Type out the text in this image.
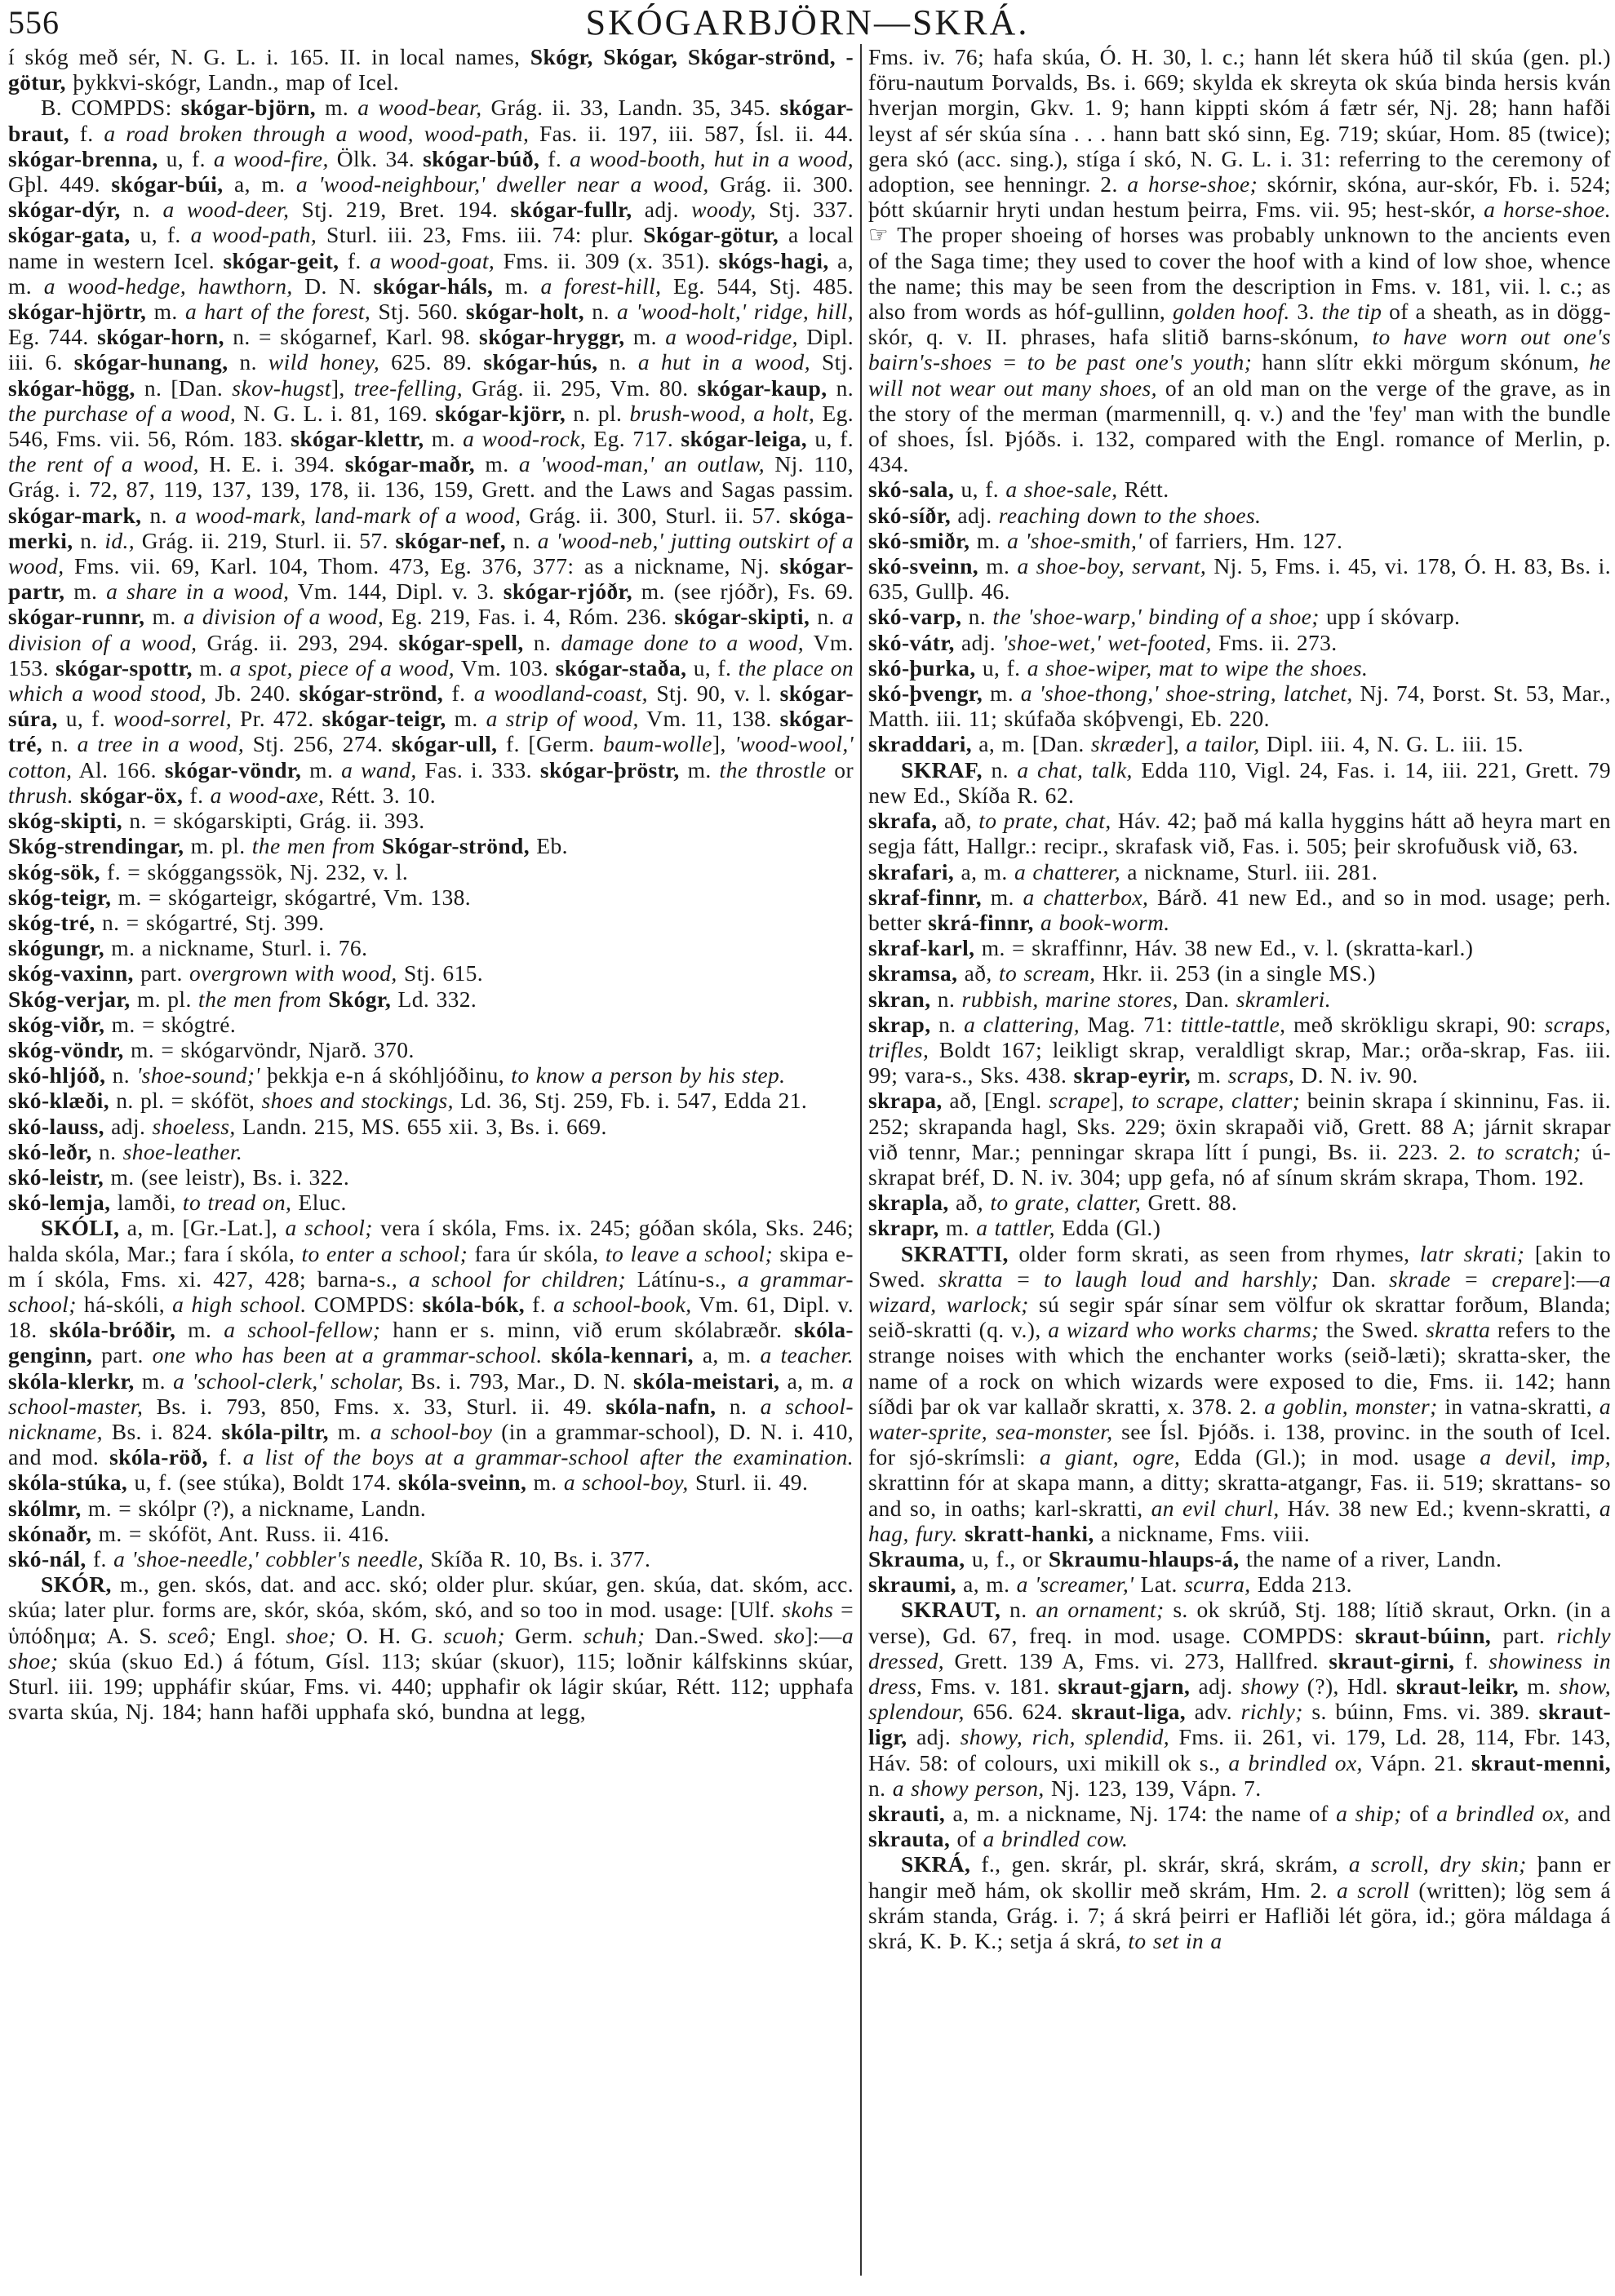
556	SKÓGARBJÖRN—SKRÁ.

í skóg með sér, N. G. L. i. 165. II. in local names, Skógr, Skógar, Skógar-strönd, -götur, þykkvi-skógr, Landn., map of Icel.

B. COMPDS: skógar-björn, m. a wood-bear, Grág. ii. 33, Landn. 35, 345. skógar-braut, f. a road broken through a wood, wood-path, Fas. ii. 197, iii. 587, Ísl. ii. 44. skógar-brenna, u, f. a wood-fire, Ölk. 34. skógar-búð, f. a wood-booth, hut in a wood, Gþl. 449. skógar-búi, a, m. a 'wood-neighbour,' dweller near a wood, Grág. ii. 300. skógar-dýr, n. a wood-deer, Stj. 219, Bret. 194. skógar-fullr, adj. woody, Stj. 337. skógar-gata, u, f. a wood-path, Sturl. iii. 23, Fms. iii. 74: plur. Skógar-götur, a local name in western Icel. skógar-geit, f. a wood-goat, Fms. ii. 309 (x. 351). skógs-hagi, a, m. a wood-hedge, hawthorn, D. N. skógar-háls, m. a forest-hill, Eg. 544, Stj. 485. skógar-hjörtr, m. a hart of the forest, Stj. 560. skógar-holt, n. a 'wood-holt,' ridge, hill, Eg. 744. skógar-horn, n. = skógarnef, Karl. 98. skógar-hryggr, m. a wood-ridge, Dipl. iii. 6. skógar-hunang, n. wild honey, 625. 89. skógar-hús, n. a hut in a wood, Stj. skógar-högg, n. [Dan. skov-hugst], tree-felling, Grág. ii. 295, Vm. 80. skógar-kaup, n. the purchase of a wood, N. G. L. i. 81, 169. skógar-kjörr, n. pl. brush-wood, a holt, Eg. 546, Fms. vii. 56, Róm. 183. skógar-klettr, m. a wood-rock, Eg. 717. skógar-leiga, u, f. the rent of a wood, H. E. i. 394. skógar-maðr, m. a 'wood-man,' an outlaw, Nj. 110, Grág. i. 72, 87, 119, 137, 139, 178, ii. 136, 159, Grett. and the Laws and Sagas passim. skógar-mark, n. a wood-mark, land-mark of a wood, Grág. ii. 300, Sturl. ii. 57. skóga-merki, n. id., Grág. ii. 219, Sturl. ii. 57. skógar-nef, n. a 'wood-neb,' jutting outskirt of a wood, Fms. vii. 69, Karl. 104, Thom. 473, Eg. 376, 377: as a nickname, Nj. skógar-partr, m. a share in a wood, Vm. 144, Dipl. v. 3. skógar-rjóðr, m. (see rjóðr), Fs. 69. skógar-runnr, m. a division of a wood, Eg. 219, Fas. i. 4, Róm. 236. skógar-skipti, n. a division of a wood, Grág. ii. 293, 294. skógar-spell, n. damage done to a wood, Vm. 153. skógar-spottr, m. a spot, piece of a wood, Vm. 103. skógar-staða, u, f. the place on which a wood stood, Jb. 240. skógar-strönd, f. a woodland-coast, Stj. 90, v. l. skógar-súra, u, f. wood-sorrel, Pr. 472. skógar-teigr, m. a strip of wood, Vm. 11, 138. skógar-tré, n. a tree in a wood, Stj. 256, 274. skógar-ull, f. [Germ. baum-wolle], 'wood-wool,' cotton, Al. 166. skógar-vöndr, m. a wand, Fas. i. 333. skógar-þröstr, m. the throstle or thrush. skógar-öx, f. a wood-axe, Rétt. 3. 10.

skóg-skipti, n. = skógarskipti, Grág. ii. 393.

Skóg-strendingar, m. pl. the men from Skógar-strönd, Eb.

skóg-sök, f. = skóggangssök, Nj. 232, v. l.

skóg-teigr, m. = skógarteigr, skógartré, Vm. 138.

skóg-tré, n. = skógartré, Stj. 399.

skógungr, m. a nickname, Sturl. i. 76.

skóg-vaxinn, part. overgrown with wood, Stj. 615.

Skóg-verjar, m. pl. the men from Skógr, Ld. 332.

skóg-viðr, m. = skógtré.

skóg-vöndr, m. = skógarvöndr, Njarð. 370.

skó-hljóð, n. 'shoe-sound;' þekkja e-n á skóhljóðinu, to know a person by his step.

skó-klæði, n. pl. = skóföt, shoes and stockings, Ld. 36, Stj. 259, Fb. i. 547, Edda 21.

skó-lauss, adj. shoeless, Landn. 215, MS. 655 xii. 3, Bs. i. 669.

skó-leðr, n. shoe-leather.

skó-leistr, m. (see leistr), Bs. i. 322.

skó-lemja, lamði, to tread on, Eluc.

SKÓLI, a, m. [Gr.-Lat.], a school; vera í skóla, Fms. ix. 245; góðan skóla, Sks. 246; halda skóla, Mar.; fara í skóla, to enter a school; fara úr skóla, to leave a school; skipa e-m í skóla, Fms. xi. 427, 428; barna-s., a school for children; Látínu-s., a grammar-school; há-skóli, a high school. COMPDS: skóla-bók, f. a school-book, Vm. 61, Dipl. v. 18. skóla-bróðir, m. a school-fellow; hann er s. minn, við erum skólabræðr. skóla-genginn, part. one who has been at a grammar-school. skóla-kennari, a, m. a teacher. skóla-klerkr, m. a 'school-clerk,' scholar, Bs. i. 793, Mar., D. N. skóla-meistari, a, m. a school-master, Bs. i. 793, 850, Fms. x. 33, Sturl. ii. 49. skóla-nafn, n. a school-nickname, Bs. i. 824. skóla-piltr, m. a school-boy (in a grammar-school), D. N. i. 410, and mod. skóla-röð, f. a list of the boys at a grammar-school after the examination. skóla-stúka, u, f. (see stúka), Boldt 174. skóla-sveinn, m. a school-boy, Sturl. ii. 49.

skólmr, m. = skólpr (?), a nickname, Landn.

skónaðr, m. = skóföt, Ant. Russ. ii. 416.

skó-nál, f. a 'shoe-needle,' cobbler's needle, Skíða R. 10, Bs. i. 377.

SKÓR, m., gen. skós, dat. and acc. skó; older plur. skúar, gen. skúa, dat. skóm, acc. skúa; later plur. forms are, skór, skóa, skóm, skó, and so too in mod. usage: [Ulf. skohs = ὑπόδημα; A. S. sceô; Engl. shoe; O. H. G. scuoh; Germ. schuh; Dan.-Swed. sko]:—a shoe; skúa (skuo Ed.) á fótum, Gísl. 113; skúar (skuor), 115; loðnir kálfskinns skúar, Sturl. iii. 199; uppháfir skúar, Fms. vi. 440; upphafir ok lágir skúar, Rétt. 112; upphafa svarta skúa, Nj. 184; hann hafði upphafa skó, bundna at legg,

Fms. iv. 76; hafa skúa, Ó. H. 30, l. c.; hann lét skera húð til skúa (gen. pl.) föru-nautum Þorvalds, Bs. i. 669; skylda ek skreyta ok skúa binda hersis kván hverjan morgin, Gkv. 1. 9; hann kippti skóm á fætr sér, Nj. 28; hann hafði leyst af sér skúa sína . . . hann batt skó sinn, Eg. 719; skúar, Hom. 85 (twice); gera skó (acc. sing.), stíga í skó, N. G. L. i. 31: referring to the ceremony of adoption, see henningr. 2. a horse-shoe; skórnir, skóna, aur-skór, Fb. i. 524; þótt skúarnir hryti undan hestum þeirra, Fms. vii. 95; hest-skór, a horse-shoe. ☞ The proper shoeing of horses was probably unknown to the ancients even of the Saga time; they used to cover the hoof with a kind of low shoe, whence the name; this may be seen from the description in Fms. v. 181, vii. l. c.; as also from words as hóf-gullinn, golden hoof. 3. the tip of a sheath, as in dögg-skór, q. v. II. phrases, hafa slitið barns-skónum, to have worn out one's bairn's-shoes = to be past one's youth; hann slítr ekki mörgum skónum, he will not wear out many shoes, of an old man on the verge of the grave, as in the story of the merman (marmennill, q. v.) and the 'fey' man with the bundle of shoes, Ísl. Þjóðs. i. 132, compared with the Engl. romance of Merlin, p. 434.

skó-sala, u, f. a shoe-sale, Rétt.

skó-síðr, adj. reaching down to the shoes.

skó-smiðr, m. a 'shoe-smith,' of farriers, Hm. 127.

skó-sveinn, m. a shoe-boy, servant, Nj. 5, Fms. i. 45, vi. 178, Ó. H. 83, Bs. i. 635, Gullþ. 46.

skó-varp, n. the 'shoe-warp,' binding of a shoe; upp í skóvarp.

skó-vátr, adj. 'shoe-wet,' wet-footed, Fms. ii. 273.

skó-þurka, u, f. a shoe-wiper, mat to wipe the shoes.

skó-þvengr, m. a 'shoe-thong,' shoe-string, latchet, Nj. 74, Þorst. St. 53, Mar., Matth. iii. 11; skúfaða skóþvengi, Eb. 220.

skraddari, a, m. [Dan. skræder], a tailor, Dipl. iii. 4, N. G. L. iii. 15.

SKRAF, n. a chat, talk, Edda 110, Vigl. 24, Fas. i. 14, iii. 221, Grett. 79 new Ed., Skíða R. 62.

skrafa, að, to prate, chat, Háv. 42; það má kalla hyggins hátt að heyra mart en segja fátt, Hallgr.: recipr., skrafask við, Fas. i. 505; þeir skrofuðusk við, 63.

skrafari, a, m. a chatterer, a nickname, Sturl. iii. 281.

skraf-finnr, m. a chatterbox, Bárð. 41 new Ed., and so in mod. usage; perh. better skrá-finnr, a book-worm.

skraf-karl, m. = skraffinnr, Háv. 38 new Ed., v. l. (skratta-karl.)

skramsa, að, to scream, Hkr. ii. 253 (in a single MS.)

skran, n. rubbish, marine stores, Dan. skramleri.

skrap, n. a clattering, Mag. 71: tittle-tattle, með skrökligu skrapi, 90: scraps, trifles, Boldt 167; leikligt skrap, veraldligt skrap, Mar.; orða-skrap, Fas. iii. 99; vara-s., Sks. 438. skrap-eyrir, m. scraps, D. N. iv. 90.

skrapa, að, [Engl. scrape], to scrape, clatter; beinin skrapa í skinninu, Fas. ii. 252; skrapanda hagl, Sks. 229; öxin skrapaði við, Grett. 88 A; járnit skrapar við tennr, Mar.; penningar skrapa lítt í pungi, Bs. ii. 223. 2. to scratch; ú-skrapat bréf, D. N. iv. 304; upp gefa, nó af sínum skrám skrapa, Thom. 192.

skrapla, að, to grate, clatter, Grett. 88.

skrapr, m. a tattler, Edda (Gl.)

SKRATTI, older form skrati, as seen from rhymes, latr skrati; [akin to Swed. skratta = to laugh loud and harshly; Dan. skrade = crepare]:—a wizard, warlock; sú segir spár sínar sem völfur ok skrattar forðum, Blanda; seið-skratti (q. v.), a wizard who works charms; the Swed. skratta refers to the strange noises with which the enchanter works (seið-læti); skratta-sker, the name of a rock on which wizards were exposed to die, Fms. ii. 142; hann síðdi þar ok var kallaðr skratti, x. 378. 2. a goblin, monster; in vatna-skratti, a water-sprite, sea-monster, see Ísl. Þjóðs. i. 138, provinc. in the south of Icel. for sjó-skrímsli: a giant, ogre, Edda (Gl.); in mod. usage a devil, imp, skrattinn fór at skapa mann, a ditty; skratta-atgangr, Fas. ii. 519; skrattans- so and so, in oaths; karl-skratti, an evil churl, Háv. 38 new Ed.; kvenn-skratti, a hag, fury. skratt-hanki, a nickname, Fms. viii.

Skrauma, u, f., or Skraumu-hlaups-á, the name of a river, Landn.

skraumi, a, m. a 'screamer,' Lat. scurra, Edda 213.

SKRAUT, n. an ornament; s. ok skrúð, Stj. 188; lítið skraut, Orkn. (in a verse), Gd. 67, freq. in mod. usage. COMPDS: skraut-búinn, part. richly dressed, Grett. 139 A, Fms. vi. 273, Hallfred. skraut-girni, f. showiness in dress, Fms. v. 181. skraut-gjarn, adj. showy (?), Hdl. skraut-leikr, m. show, splendour, 656. 624. skraut-liga, adv. richly; s. búinn, Fms. vi. 389. skraut-ligr, adj. showy, rich, splendid, Fms. ii. 261, vi. 179, Ld. 28, 114, Fbr. 143, Háv. 58: of colours, uxi mikill ok s., a brindled ox, Vápn. 21. skraut-menni, n. a showy person, Nj. 123, 139, Vápn. 7.

skrauti, a, m. a nickname, Nj. 174: the name of a ship; of a brindled ox, and skrauta, of a brindled cow.

SKRÁ, f., gen. skrár, pl. skrár, skrá, skrám, a scroll, dry skin; þann er hangir með hám, ok skollir með skrám, Hm. 2. a scroll (written); lög sem á skrám standa, Grág. i. 7; á skrá þeirri er Hafliði lét göra, id.; göra máldaga á skrá, K. Þ. K.; setja á skrá, to set in a
